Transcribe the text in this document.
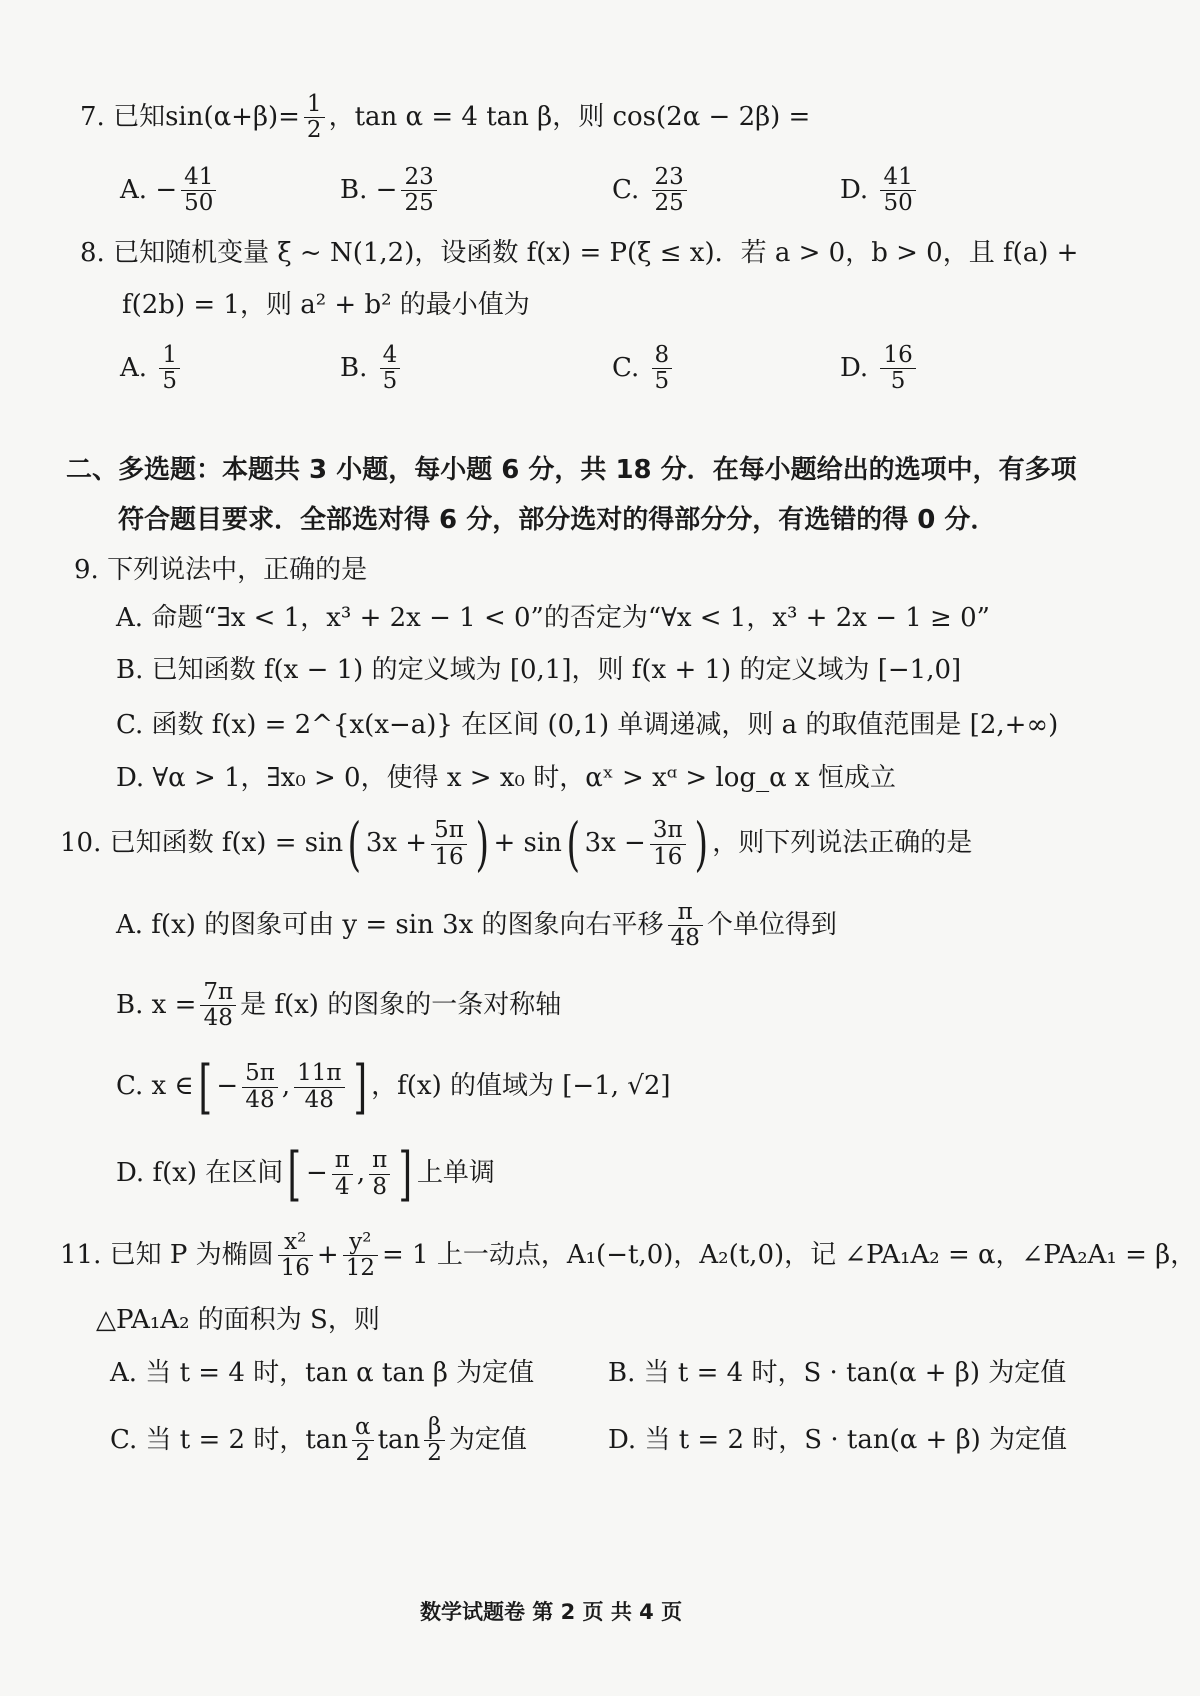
7. 已知$\sin(\alpha+\beta)= \frac{1}{2}$ ，tan α = 4 tan β，则 cos(2α − 2β) =
A. − $\frac{41}{50}$	B. − $\frac{23}{25}$	C. $\frac{23}{25}$	D. $\frac{41}{50}$
8. 已知随机变量 ξ ~ N(1,2)，设函数 f(x) = P(ξ ≤ x)．若 a > 0，b > 0，且 f(a) +
f(2b) = 1，则 a² + b² 的最小值为
A. $\frac{1}{5}$	B. $\frac{4}{5}$	C. $\frac{8}{5}$	D. $\frac{16}{5}$
二、多选题：本题共 3 小题，每小题 6 分，共 18 分．在每小题给出的选项中，有多项
符合题目要求．全部选对得 6 分，部分选对的得部分分，有选错的得 0 分．
9. 下列说法中，正确的是
A. 命题“∃x < 1，x³ + 2x − 1 < 0”的否定为“∀x < 1，x³ + 2x − 1 ≥ 0”
B. 已知函数 f(x − 1) 的定义域为 [0,1]，则 f(x + 1) 的定义域为 [−1,0]
C. 函数 f(x) = 2^{x(x−a)} 在区间 (0,1) 单调递减，则 a 的取值范围是 [2,+∞)
D. ∀α > 1，∃x₀ > 0，使得 x > x₀ 时，αˣ > xᵅ > log_α x 恒成立
10. 已知函数 f(x) = sin( $3x + \frac{5\pi}{16}$ ) + sin( $3x - \frac{3\pi}{16}$ ) ，则下列说法正确的是
A. f(x) 的图象可由 y = sin 3x 的图象向右平移 $\frac{\pi}{48}$ 个单位得到
B. $x = \frac{7\pi}{48}$ 是 f(x) 的图象的一条对称轴
C. x ∈[ − $\frac{5\pi}{48}$ , $\frac{11\pi}{48}$ ] ，f(x) 的值域为 [−1, √2]
D. f(x) 在区间[ − $\frac{\pi}{4}$ , $\frac{\pi}{8}$ ] 上单调
11. 已知 P 为椭圆 $\frac{\text{x²}}{16} + \frac{\text{y²}}{12} = 1$ 上一动点，A₁(−t,0)，A₂(t,0)，记 ∠PA₁A₂ = α，∠PA₂A₁ = β，
△PA₁A₂ 的面积为 S，则
A. 当 t = 4 时，tan α tan β 为定值	B. 当 t = 4 时，S · tan(α + β) 为定值
C. 当 t = 2 时，$\tan \frac{\alpha}{2}$ $\tan \frac{\beta}{2}$ 为定值	D. 当 t = 2 时，S · tan(α + β) 为定值
数学试题卷 第 2 页 共 4 页
